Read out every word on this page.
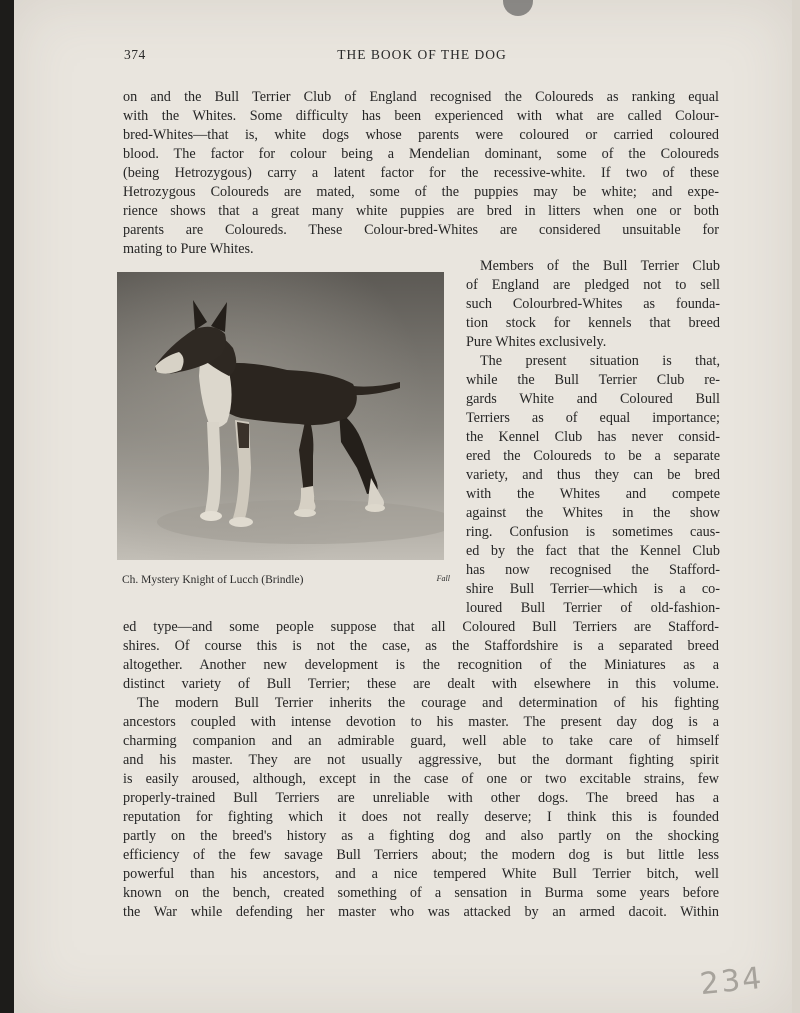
374	THE BOOK OF THE DOG
on and the Bull Terrier Club of England recognised the Coloureds as ranking equal
with the Whites. Some difficulty has been experienced with what are called Colour-
bred-Whites—that is, white dogs whose parents were coloured or carried coloured
blood. The factor for colour being a Mendelian dominant, some of the Coloureds
(being Hetrozygous) carry a latent factor for the recessive-white. If two of these
Hetrozygous Coloureds are mated, some of the puppies may be white; and expe-
rience shows that a great many white puppies are bred in litters when one or both
parents are Coloureds. These Colour-bred-Whites are considered unsuitable for
mating to Pure Whites.
Ch. Mystery Knight of Lucch (Brindle)	Fall
Members of the Bull Terrier Club
of England are pledged not to sell
such Colourbred-Whites as founda-
tion stock for kennels that breed
Pure Whites exclusively.
The present situation is that,
while the Bull Terrier Club re-
gards White and Coloured Bull
Terriers as of equal importance;
the Kennel Club has never consid-
ered the Coloureds to be a separate
variety, and thus they can be bred
with the Whites and compete
against the Whites in the show
ring. Confusion is sometimes caus-
ed by the fact that the Kennel Club
has now recognised the Stafford-
shire Bull Terrier—which is a co-
loured Bull Terrier of old-fashion-
ed type—and some people suppose that all Coloured Bull Terriers are Stafford-
shires. Of course this is not the case, as the Staffordshire is a separated breed
altogether. Another new development is the recognition of the Miniatures as a
distinct variety of Bull Terrier; these are dealt with elsewhere in this volume.
The modern Bull Terrier inherits the courage and determination of his fighting
ancestors coupled with intense devotion to his master. The present day dog is a
charming companion and an admirable guard, well able to take care of himself
and his master. They are not usually aggressive, but the dormant fighting spirit
is easily aroused, although, except in the case of one or two excitable strains, few
properly-trained Bull Terriers are unreliable with other dogs. The breed has a
reputation for fighting which it does not really deserve; I think this is founded
partly on the breed's history as a fighting dog and also partly on the shocking
efficiency of the few savage Bull Terriers about; the modern dog is but little less
powerful than his ancestors, and a nice tempered White Bull Terrier bitch, well
known on the bench, created something of a sensation in Burma some years before
the War while defending her master who was attacked by an armed dacoit. Within
234
